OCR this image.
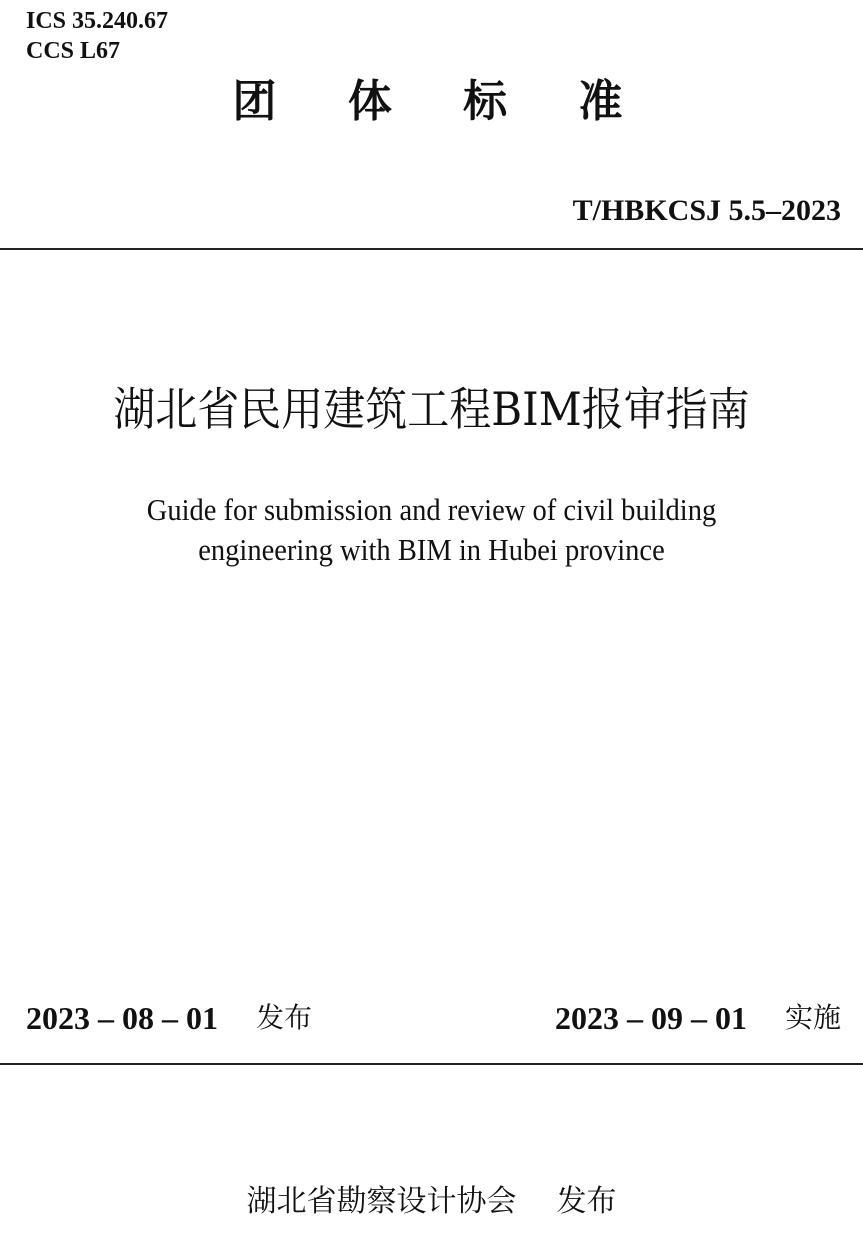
ICS 35.240.67
CCS L67
团 体 标 准
T/HBKCSJ 5.5–2023
湖北省民用建筑工程BIM报审指南
Guide for submission and review of civil building
engineering with BIM in Hubei province
2023 – 08 – 01 发布	2023 – 09 – 01 实施
湖北省勘察设计协会 发布
